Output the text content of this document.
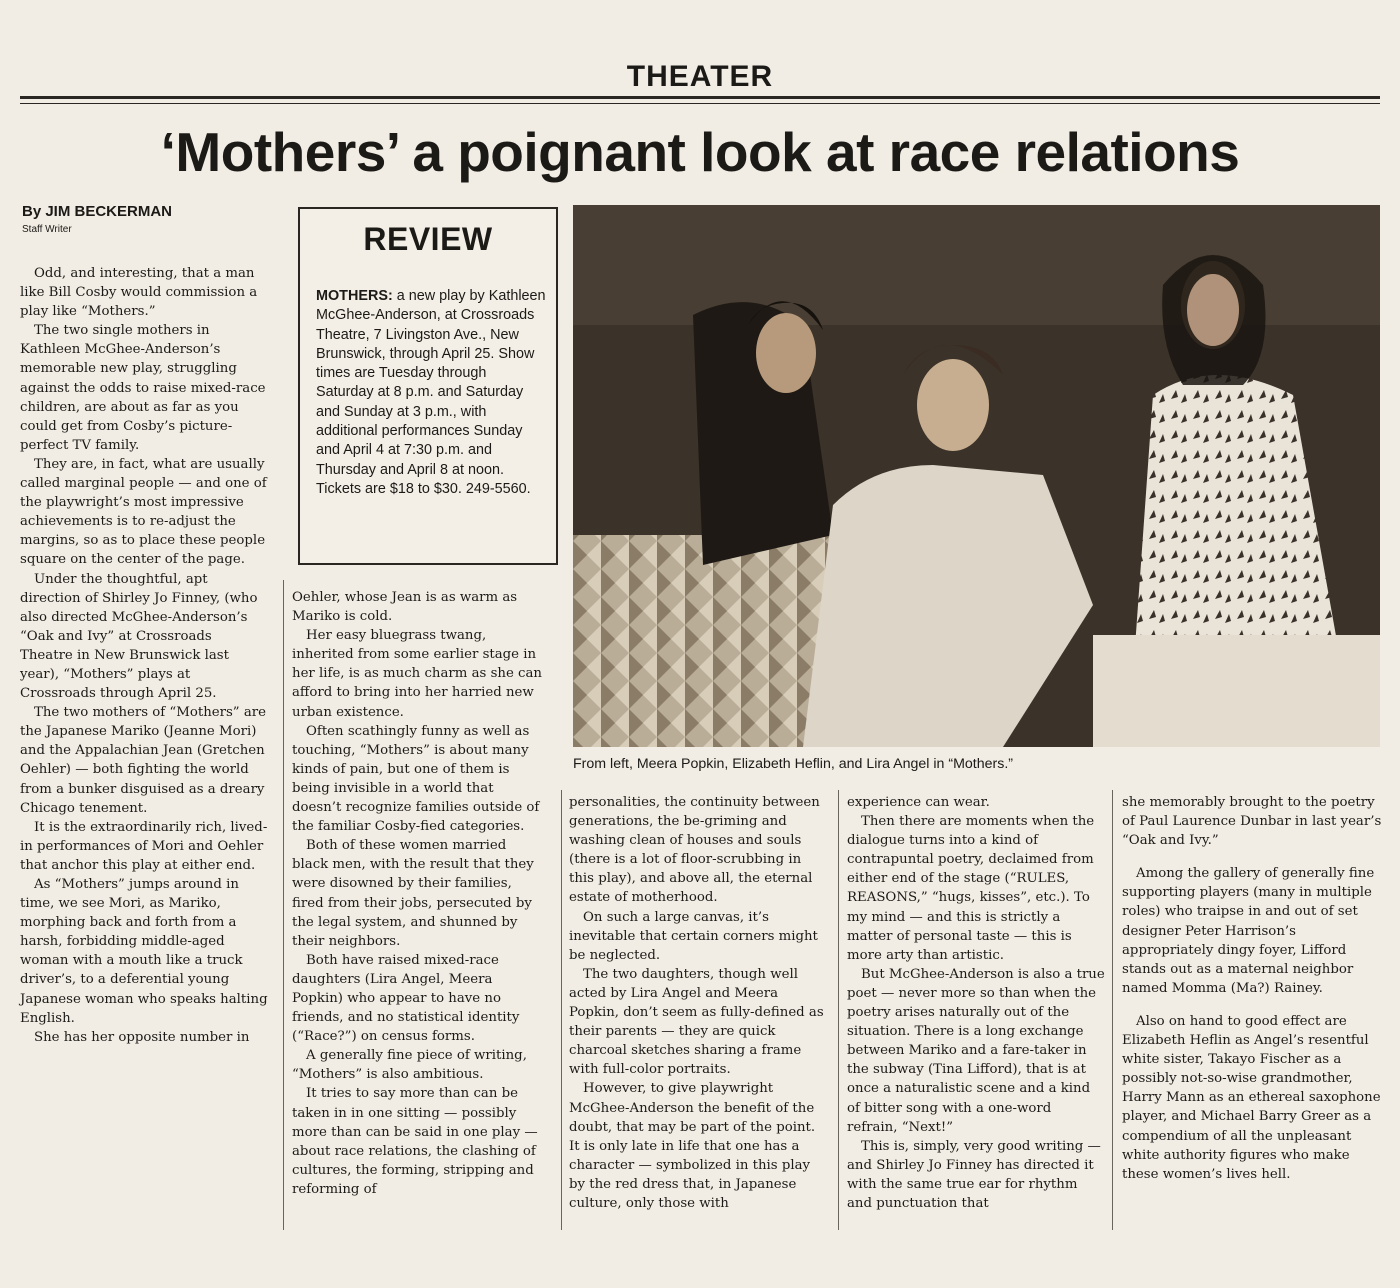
THEATER
‘Mothers’ a poignant look at race relations
By JIM BECKERMAN
Staff Writer

Odd, and interesting, that a man like Bill Cosby would commission a play like “Mothers.”

The two single mothers in Kathleen McGhee-Anderson’s memorable new play, struggling against the odds to raise mixed-race children, are about as far as you could get from Cosby’s picture-perfect TV family.

They are, in fact, what are usually called marginal people — and one of the playwright’s most impressive achievements is to re-adjust the margins, so as to place these people square on the center of the page.

Under the thoughtful, apt direction of Shirley Jo Finney, (who also directed McGhee-Anderson’s “Oak and Ivy” at Crossroads Theatre in New Brunswick last year), “Mothers” plays at Crossroads through April 25.

The two mothers of “Mothers” are the Japanese Mariko (Jeanne Mori) and the Appalachian Jean (Gretchen Oehler) — both fighting the world from a bunker disguised as a dreary Chicago tenement.

It is the extraordinarily rich, lived-in performances of Mori and Oehler that anchor this play at either end.

As “Mothers” jumps around in time, we see Mori, as Mariko, morphing back and forth from a harsh, forbidding middle-aged woman with a mouth like a truck driver’s, to a deferential young Japanese woman who speaks halting English.

She has her opposite number in

REVIEW
MOTHERS: a new play by Kathleen McGhee-Anderson, at Crossroads Theatre, 7 Livingston Ave., New Brunswick, through April 25. Show times are Tuesday through Saturday at 8 p.m. and Saturday and Sunday at 3 p.m., with additional performances Sunday and April 4 at 7:30 p.m. and Thursday and April 8 at noon. Tickets are $18 to $30. 249-5560.

Oehler, whose Jean is as warm as Mariko is cold.

Her easy bluegrass twang, inherited from some earlier stage in her life, is as much charm as she can afford to bring into her harried new urban existence.

Often scathingly funny as well as touching, “Mothers” is about many kinds of pain, but one of them is being invisible in a world that doesn’t recognize families outside of the familiar Cosby-fied categories.

Both of these women married black men, with the result that they were disowned by their families, fired from their jobs, persecuted by the legal system, and shunned by their neighbors.

Both have raised mixed-race daughters (Lira Angel, Meera Popkin) who appear to have no friends, and no statistical identity (“Race?”) on census forms.

A generally fine piece of writing, “Mothers” is also ambitious.

It tries to say more than can be taken in in one sitting — possibly more than can be said in one play — about race relations, the clashing of cultures, the forming, stripping and reforming of

From left, Meera Popkin, Elizabeth Heflin, and Lira Angel in “Mothers.”

personalities, the continuity between generations, the be-griming and washing clean of houses and souls (there is a lot of floor-scrubbing in this play), and above all, the eternal estate of motherhood.

On such a large canvas, it’s inevitable that certain corners might be neglected.

The two daughters, though well acted by Lira Angel and Meera Popkin, don’t seem as fully-defined as their parents — they are quick charcoal sketches sharing a frame with full-color portraits.

However, to give playwright McGhee-Anderson the benefit of the doubt, that may be part of the point. It is only late in life that one has a character — symbolized in this play by the red dress that, in Japanese culture, only those with

experience can wear.

Then there are moments when the dialogue turns into a kind of contrapuntal poetry, declaimed from either end of the stage (“RULES, REASONS,” “hugs, kisses”, etc.). To my mind — and this is strictly a matter of personal taste — this is more arty than artistic.

But McGhee-Anderson is also a true poet — never more so than when the poetry arises naturally out of the situation. There is a long exchange between Mariko and a fare-taker in the subway (Tina Lifford), that is at once a naturalistic scene and a kind of bitter song with a one-word refrain, “Next!”

This is, simply, very good writing — and Shirley Jo Finney has directed it with the same true ear for rhythm and punctuation that

she memorably brought to the poetry of Paul Laurence Dunbar in last year’s “Oak and Ivy.”

Among the gallery of generally fine supporting players (many in multiple roles) who traipse in and out of set designer Peter Harrison’s appropriately dingy foyer, Lifford stands out as a maternal neighbor named Momma (Ma?) Rainey.

Also on hand to good effect are Elizabeth Heflin as Angel’s resentful white sister, Takayo Fischer as a possibly not-so-wise grandmother, Harry Mann as an ethereal saxophone player, and Michael Barry Greer as a compendium of all the unpleasant white authority figures who make these women’s lives hell.
